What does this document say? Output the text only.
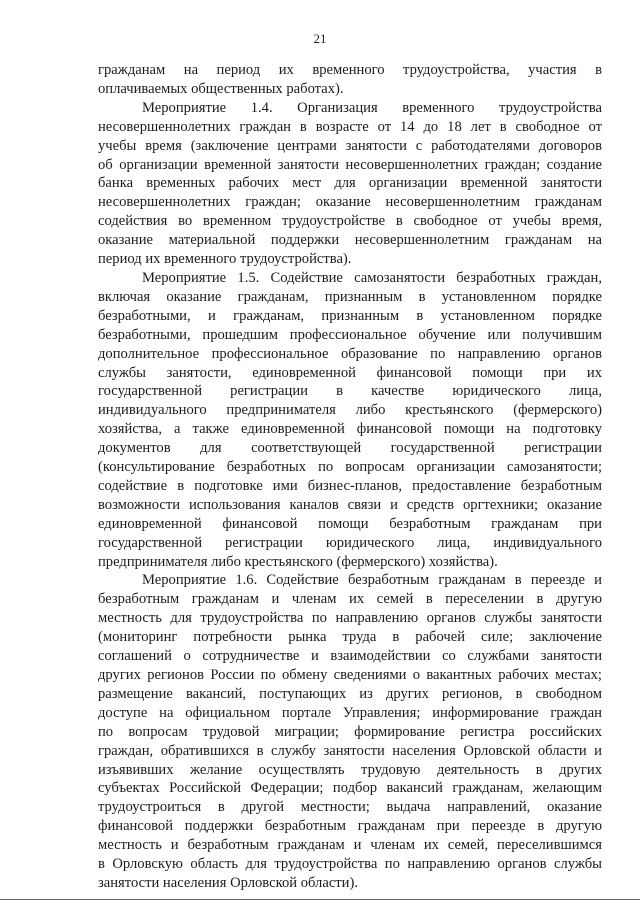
21

гражданам на период их временного трудоустройства, участия в

оплачиваемых общественных работах).

Мероприятие 1.4. Организация временного трудоустройства

несовершеннолетних граждан в возрасте от 14 до 18 лет в свободное от

учебы время (заключение центрами занятости с работодателями договоров

об организации временной занятости несовершеннолетних граждан; создание

банка временных рабочих мест для организации временной занятости

несовершеннолетних граждан; оказание несовершеннолетним гражданам

содействия во временном трудоустройстве в свободное от учебы время,

оказание материальной поддержки несовершеннолетним гражданам на

период их временного трудоустройства).

Мероприятие 1.5. Содействие самозанятости безработных граждан,

включая оказание гражданам, признанным в установленном порядке

безработными, и гражданам, признанным в установленном порядке

безработными, прошедшим профессиональное обучение или получившим

дополнительное профессиональное образование по направлению органов

службы занятости, единовременной финансовой помощи при их

государственной регистрации в качестве юридического лица,

индивидуального предпринимателя либо крестьянского (фермерского)

хозяйства, а также единовременной финансовой помощи на подготовку

документов для соответствующей государственной регистрации

(консультирование безработных по вопросам организации самозанятости;

содействие в подготовке ими бизнес-планов, предоставление безработным

возможности использования каналов связи и средств оргтехники; оказание

единовременной финансовой помощи безработным гражданам при

государственной регистрации юридического лица, индивидуального

предпринимателя либо крестьянского (фермерского) хозяйства).

Мероприятие 1.6. Содействие безработным гражданам в переезде и

безработным гражданам и членам их семей в переселении в другую

местность для трудоустройства по направлению органов службы занятости

(мониторинг потребности рынка труда в рабочей силе; заключение

соглашений о сотрудничестве и взаимодействии со службами занятости

других регионов России по обмену сведениями о вакантных рабочих местах;

размещение вакансий, поступающих из других регионов, в свободном

доступе на официальном портале Управления; информирование граждан

по вопросам трудовой миграции; формирование регистра российских

граждан, обратившихся в службу занятости населения Орловской области и

изъявивших желание осуществлять трудовую деятельность в других

субъектах Российской Федерации; подбор вакансий гражданам, желающим

трудоустроиться в другой местности; выдача направлений, оказание

финансовой поддержки безработным гражданам при переезде в другую

местность и безработным гражданам и членам их семей, переселившимся

в Орловскую область для трудоустройства по направлению органов службы

занятости населения Орловской области).
